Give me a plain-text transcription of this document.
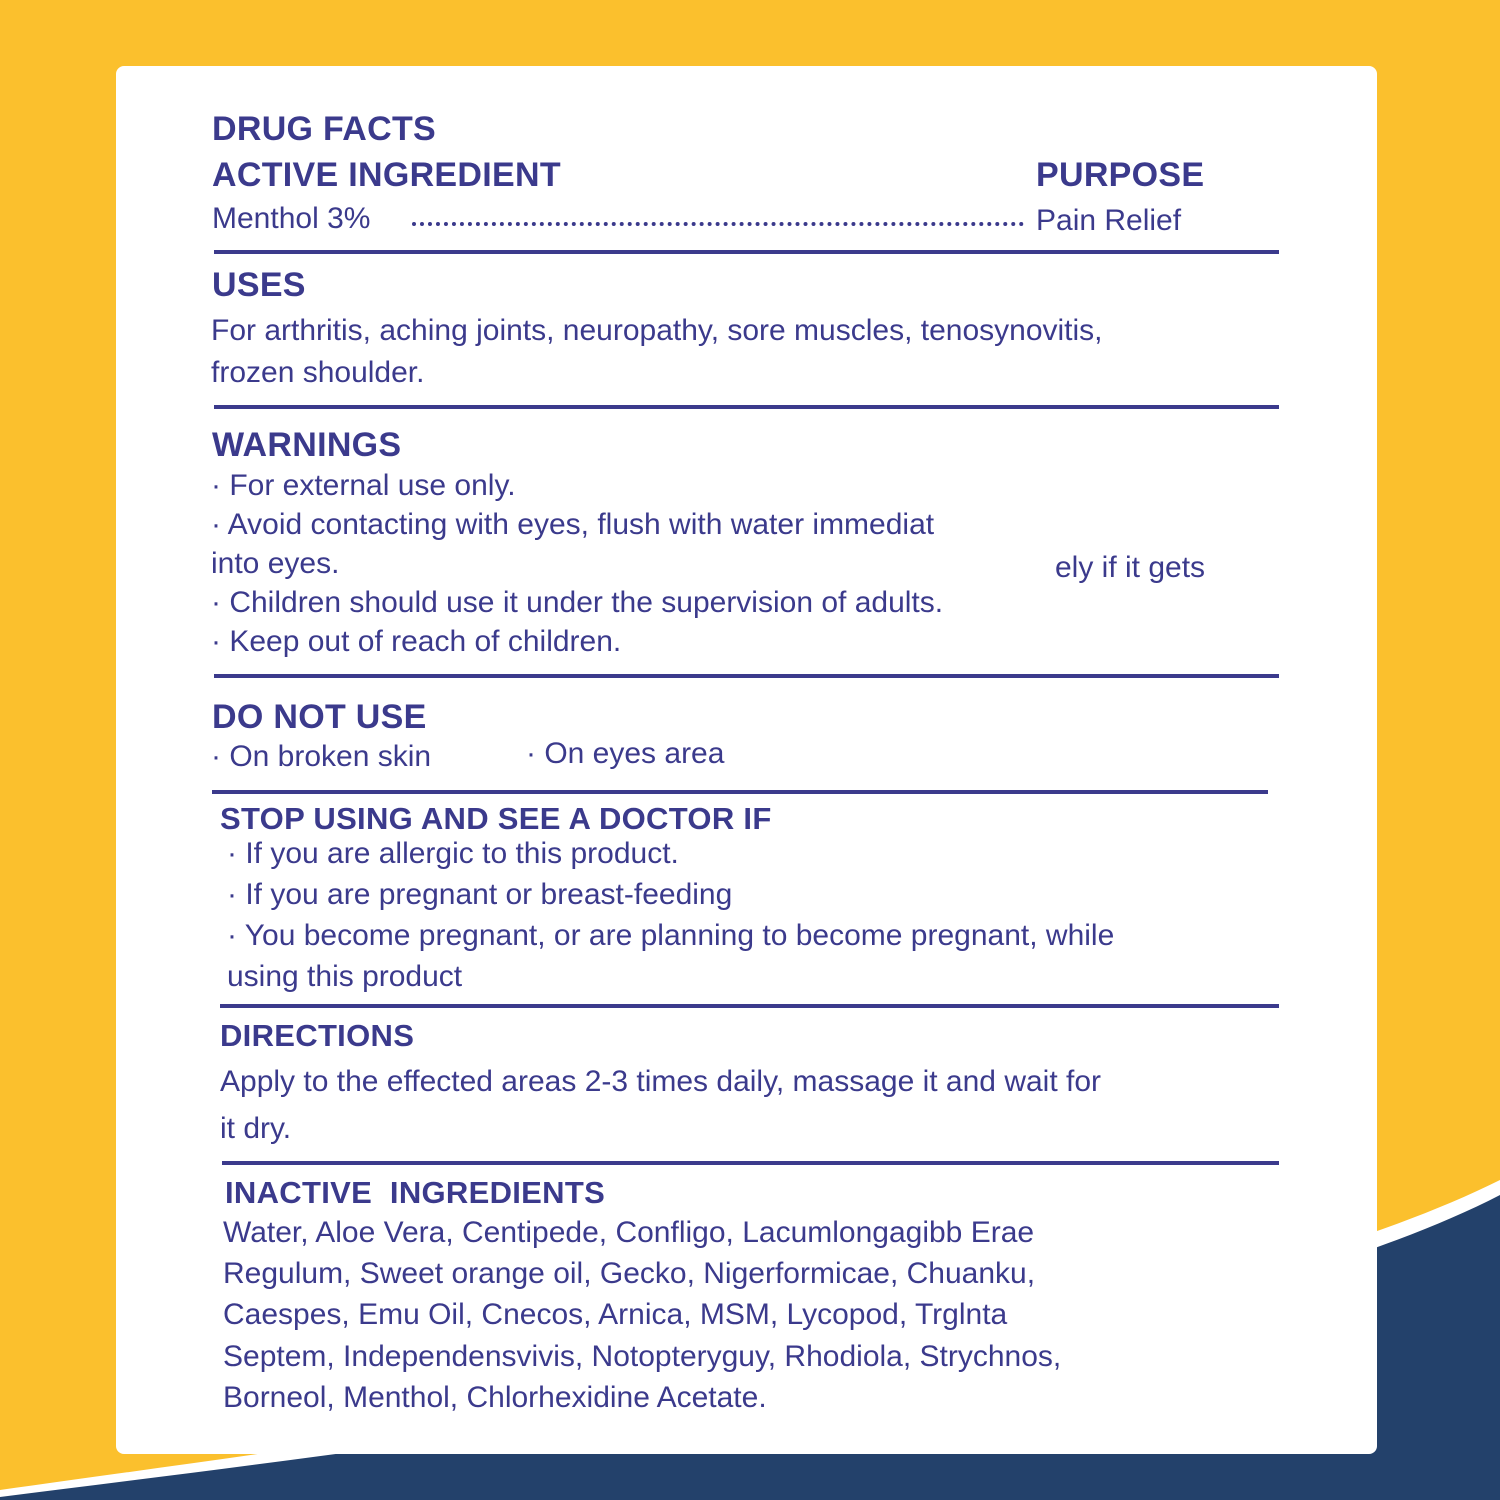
DRUG FACTS
ACTIVE INGREDIENT	PURPOSE
Menthol 3%	Pain Relief
USES
For arthritis, aching joints, neuropathy, sore muscles, tenosynovitis,
frozen shoulder.
WARNINGS
· For external use only.
· Avoid contacting with eyes, flush with water immediat
into eyes.	ely if it gets
· Children should use it under the supervision of adults.
· Keep out of reach of children.
DO NOT USE
· On broken skin	· On eyes area
STOP USING AND SEE A DOCTOR IF
· If you are allergic to this product.
· If you are pregnant or breast-feeding
· You become pregnant, or are planning to become pregnant, while
using this product
DIRECTIONS
Apply to the effected areas 2-3 times daily, massage it and wait for
it dry.
INACTIVE  INGREDIENTS
Water, Aloe Vera, Centipede, Confligo, Lacumlongagibb Erae
Regulum, Sweet orange oil, Gecko, Nigerformicae, Chuanku,
Caespes, Emu Oil, Cnecos, Arnica, MSM, Lycopod, Trglnta
Septem, Independensvivis, Notopteryguy, Rhodiola, Strychnos,
Borneol, Menthol, Chlorhexidine Acetate.
